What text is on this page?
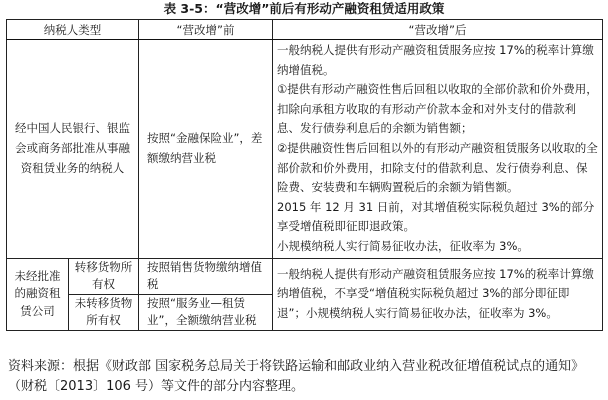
表 3-5：“营改增”前后有形动产融资租赁适用政策
纳税人类型		“营改增”前	“营改增”后
经中国人民银行、银监会或商务部批准从事融资租赁业务的纳税人		按照“金融保险业”，差额缴纳营业税	一般纳税人提供有形动产融资租赁服务应按 17%的税率计算缴纳增值税。
①提供有形动产融资性售后回租以收取的全部价款和价外费用，扣除向承租方收取的有形动产价款本金和对外支付的借款利息、发行债券利息后的余额为销售额；
②提供融资性售后回租以外的有形动产融资租赁服务以收取的全部价款和价外费用，扣除支付的借款利息、发行债券利息、保险费、安装费和车辆购置税后的余额为销售额。
2015 年 12 月 31 日前，对其增值税实际税负超过 3%的部分享受增值税即征即退政策。
小规模纳税人实行简易征收办法，征收率为 3%。

未经批准的融资租赁公司	转移货物所有权	按照销售货物缴纳增值税	一般纳税人提供有形动产融资租赁服务应按 17%的税率计算缴纳增值税，不享受“增值税实际税负超过 3%的部分即征即退”；小规模纳税人实行简易征收办法，征收率为 3%。
	未转移货物所有权	按照“服务业—租赁业”，全额缴纳营业税	
资料来源：根据《财政部 国家税务总局关于将铁路运输和邮政业纳入营业税改征增值税试点的通知》（财税〔2013〕106 号）等文件的部分内容整理。
